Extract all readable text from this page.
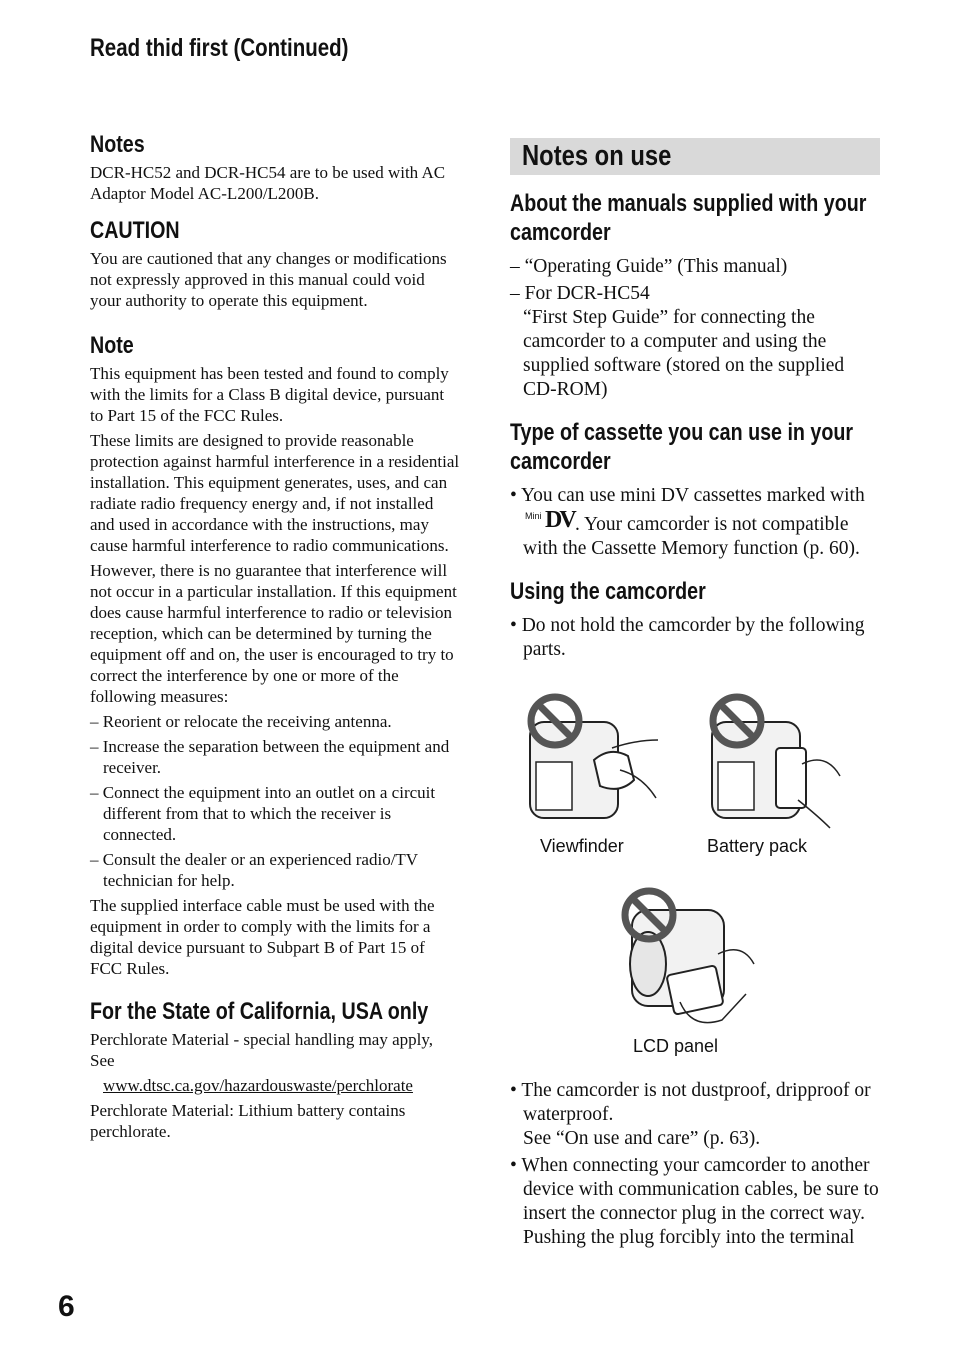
Read thid first (Continued)
Notes

DCR-HC52 and DCR-HC54 are to be used with AC Adaptor Model AC-L200/L200B.

CAUTION

You are cautioned that any changes or modifications not expressly approved in this manual could void your authority to operate this equipment.

Note

This equipment has been tested and found to comply with the limits for a Class B digital device, pursuant to Part 15 of the FCC Rules.

These limits are designed to provide reasonable protection against harmful interference in a residential installation. This equipment generates, uses, and can radiate radio frequency energy and, if not installed and used in accordance with the instructions, may cause harmful interference to radio communications.

However, there is no guarantee that interference will not occur in a particular installation. If this equipment does cause harmful interference to radio or television reception, which can be determined by turning the equipment off and on, the user is encouraged to try to correct the interference by one or more of the following measures:

– Reorient or relocate the receiving antenna.

– Increase the separation between the equipment and receiver.

– Connect the equipment into an outlet on a circuit different from that to which the receiver is connected.

– Consult the dealer or an experienced radio/TV technician for help.

The supplied interface cable must be used with the equipment in order to comply with the limits for a digital device pursuant to Subpart B of Part 15 of FCC Rules.

For the State of California, USA only

Perchlorate Material - special handling may apply, See

www.dtsc.ca.gov/hazardouswaste/perchlorate

Perchlorate Material: Lithium battery contains perchlorate.

Notes on use
About the manuals supplied with your
camcorder

– “Operating Guide” (This manual)

– For DCR-HC54

“First Step Guide” for connecting the camcorder to a computer and using the supplied software (stored on the supplied CD-ROM)

Type of cassette you can use in your
camcorder

• You can use mini DV cassettes marked with
Mini DV . Your camcorder is not compatible with the Cassette Memory function (p. 60).

Using the camcorder

• Do not hold the camcorder by the following parts.

Viewfinder	Battery pack
LCD panel

• The camcorder is not dustproof, dripproof or waterproof.

See “On use and care” (p. 63).

• When connecting your camcorder to another device with communication cables, be sure to insert the connector plug in the correct way.

Pushing the plug forcibly into the terminal

6
